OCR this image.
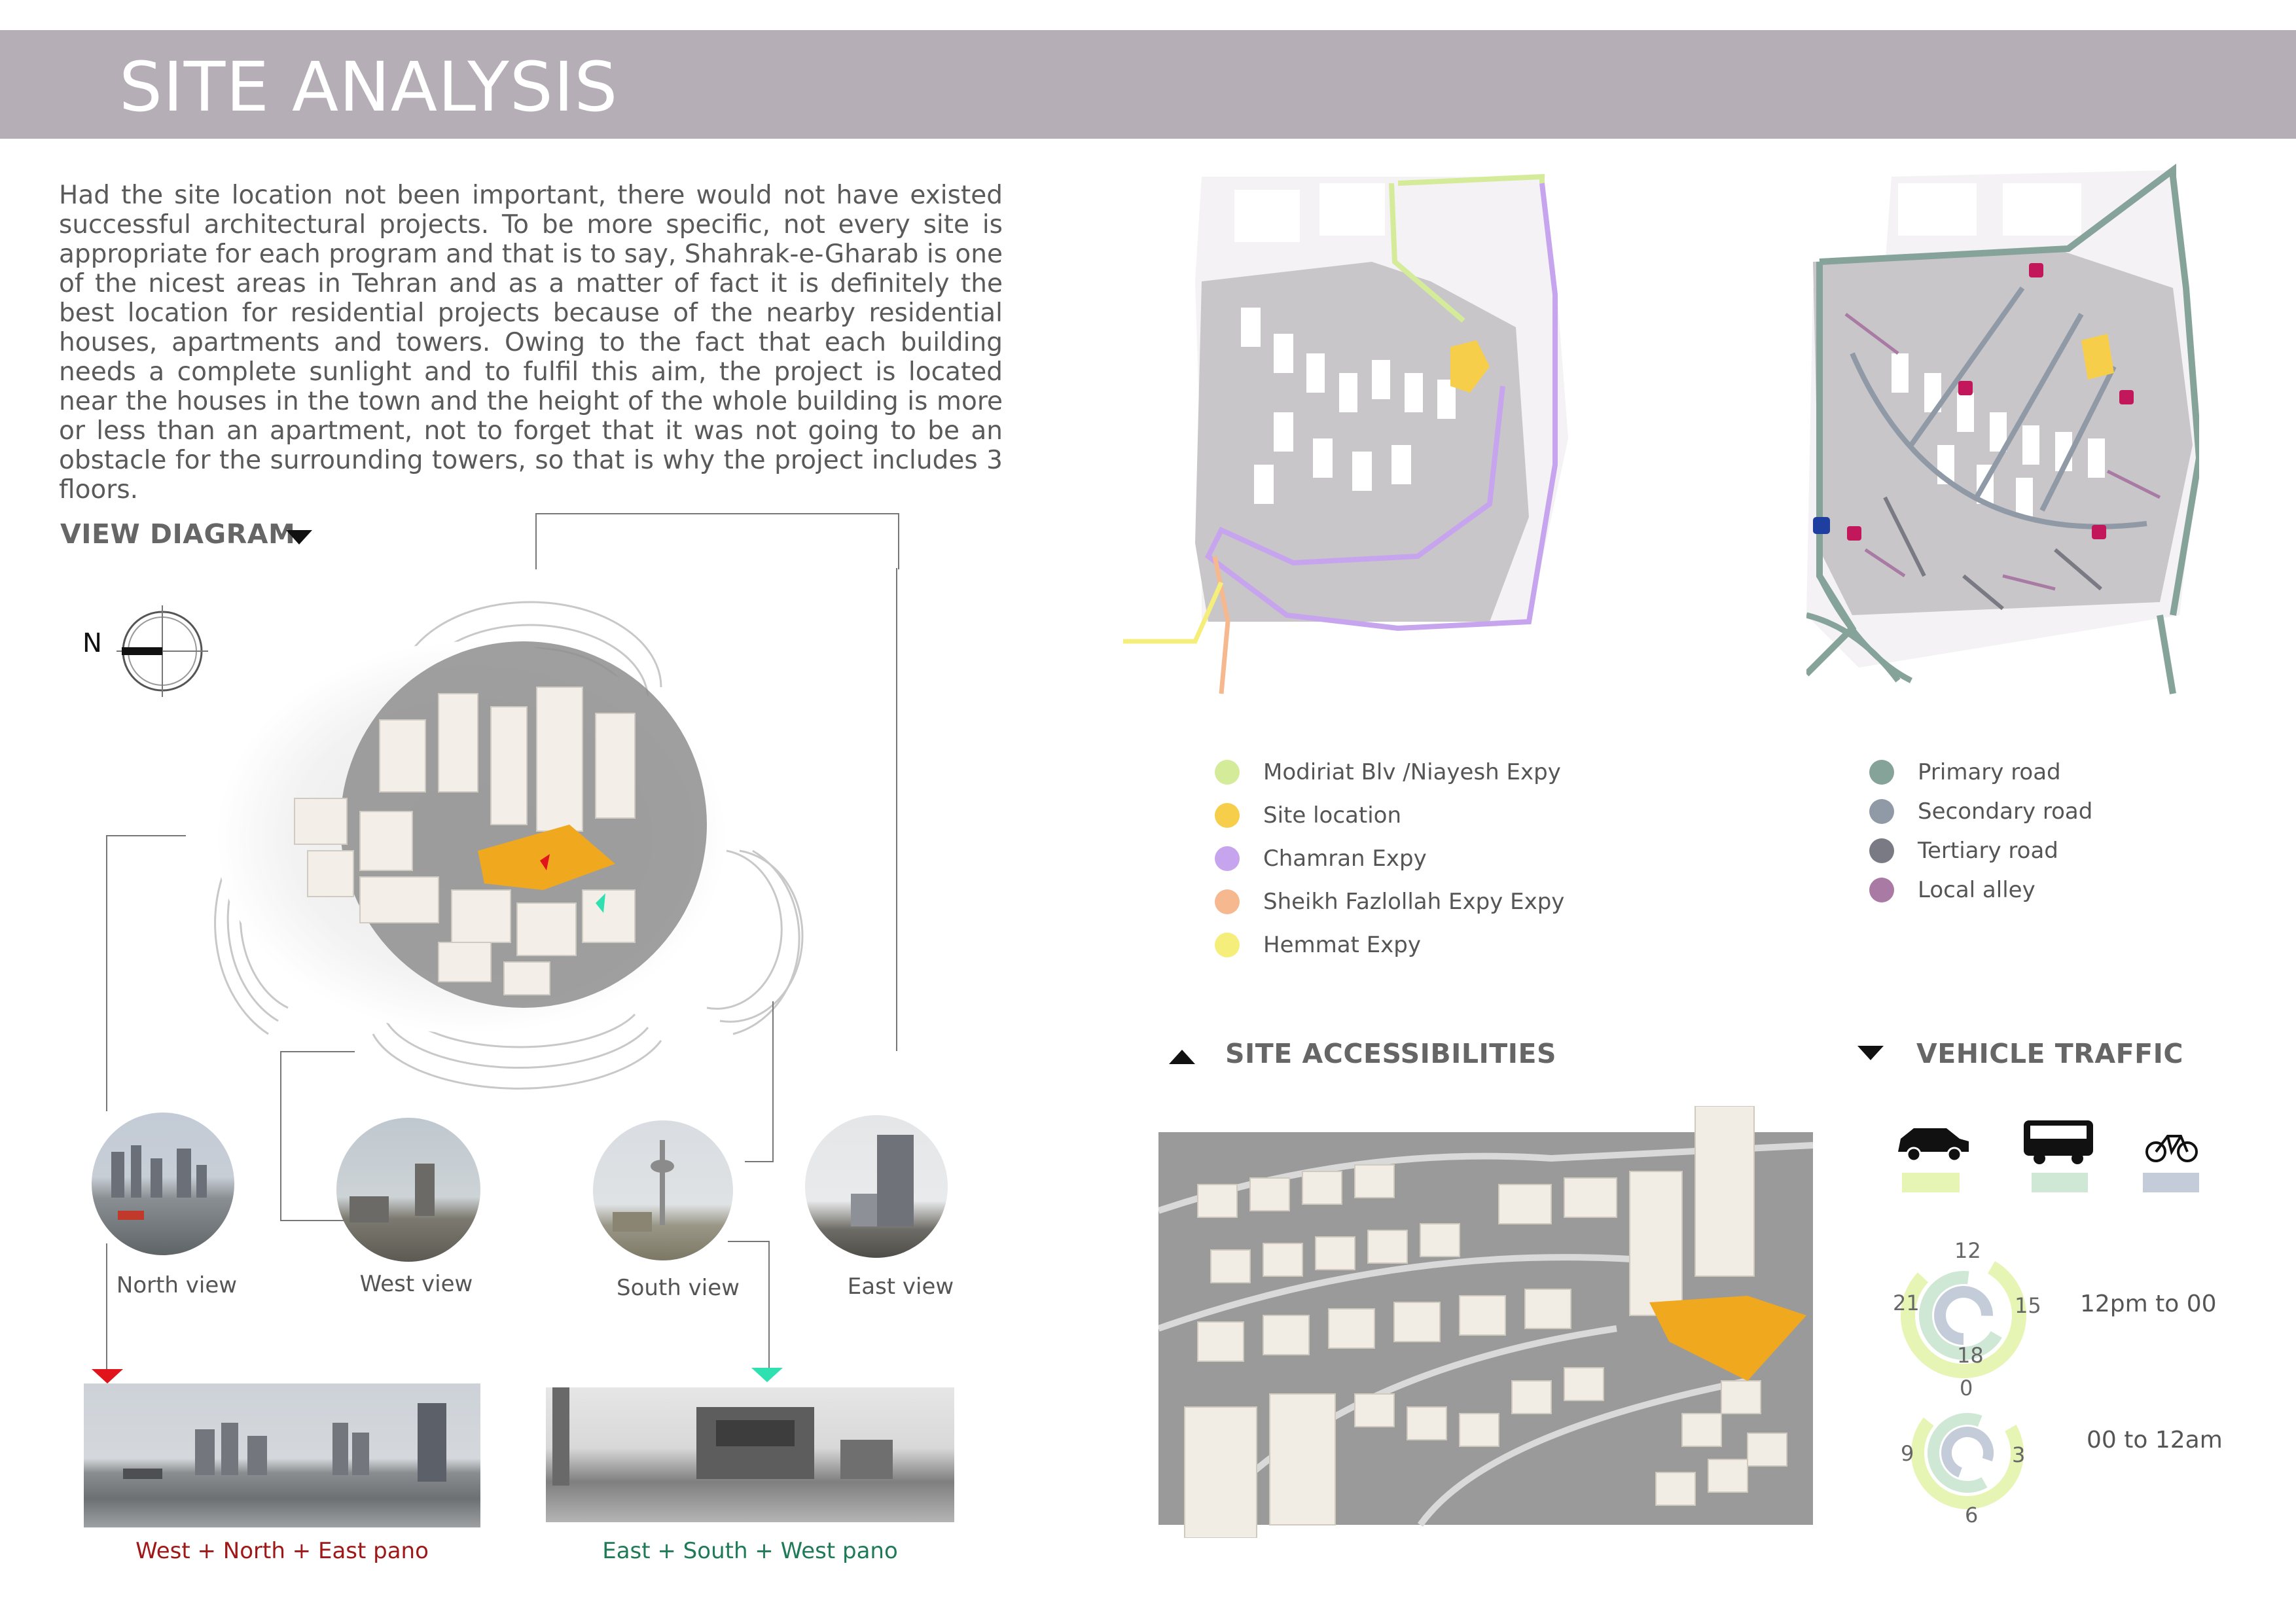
SITE ANALYSIS
Had the site location not been important, there would not have existed successful architectural projects. To be more specific, not every site is appropriate for each program and that is to say, Shahrak-e-Gharab is one of the nicest areas in Tehran and as a matter of fact it is definitely the best location for residential projects because of the nearby residential houses, apartments and towers. Owing to the fact that each building needs a complete sunlight and to fulfil this aim, the project is located near the houses in the town and the height of the whole building is more or less than an apartment, not to forget that it was not going to be an obstacle for the surrounding towers, so that is why the project includes 3 floors.
VIEW DIAGRAM
N
North view	West view	South view	East view
West + North + East pano	East + South + West pano
Modiriat Blv /Niayesh Expy
Site location
Chamran Expy
Sheikh Fazlollah Expy Expy
Hemmat Expy
Primary road
Secondary road
Tertiary road
Local alley
SITE ACCESSIBILITIES	VEHICLE TRAFFIC
12
15
18
21	12pm to 00
0
3
6
9	00 to 12am
